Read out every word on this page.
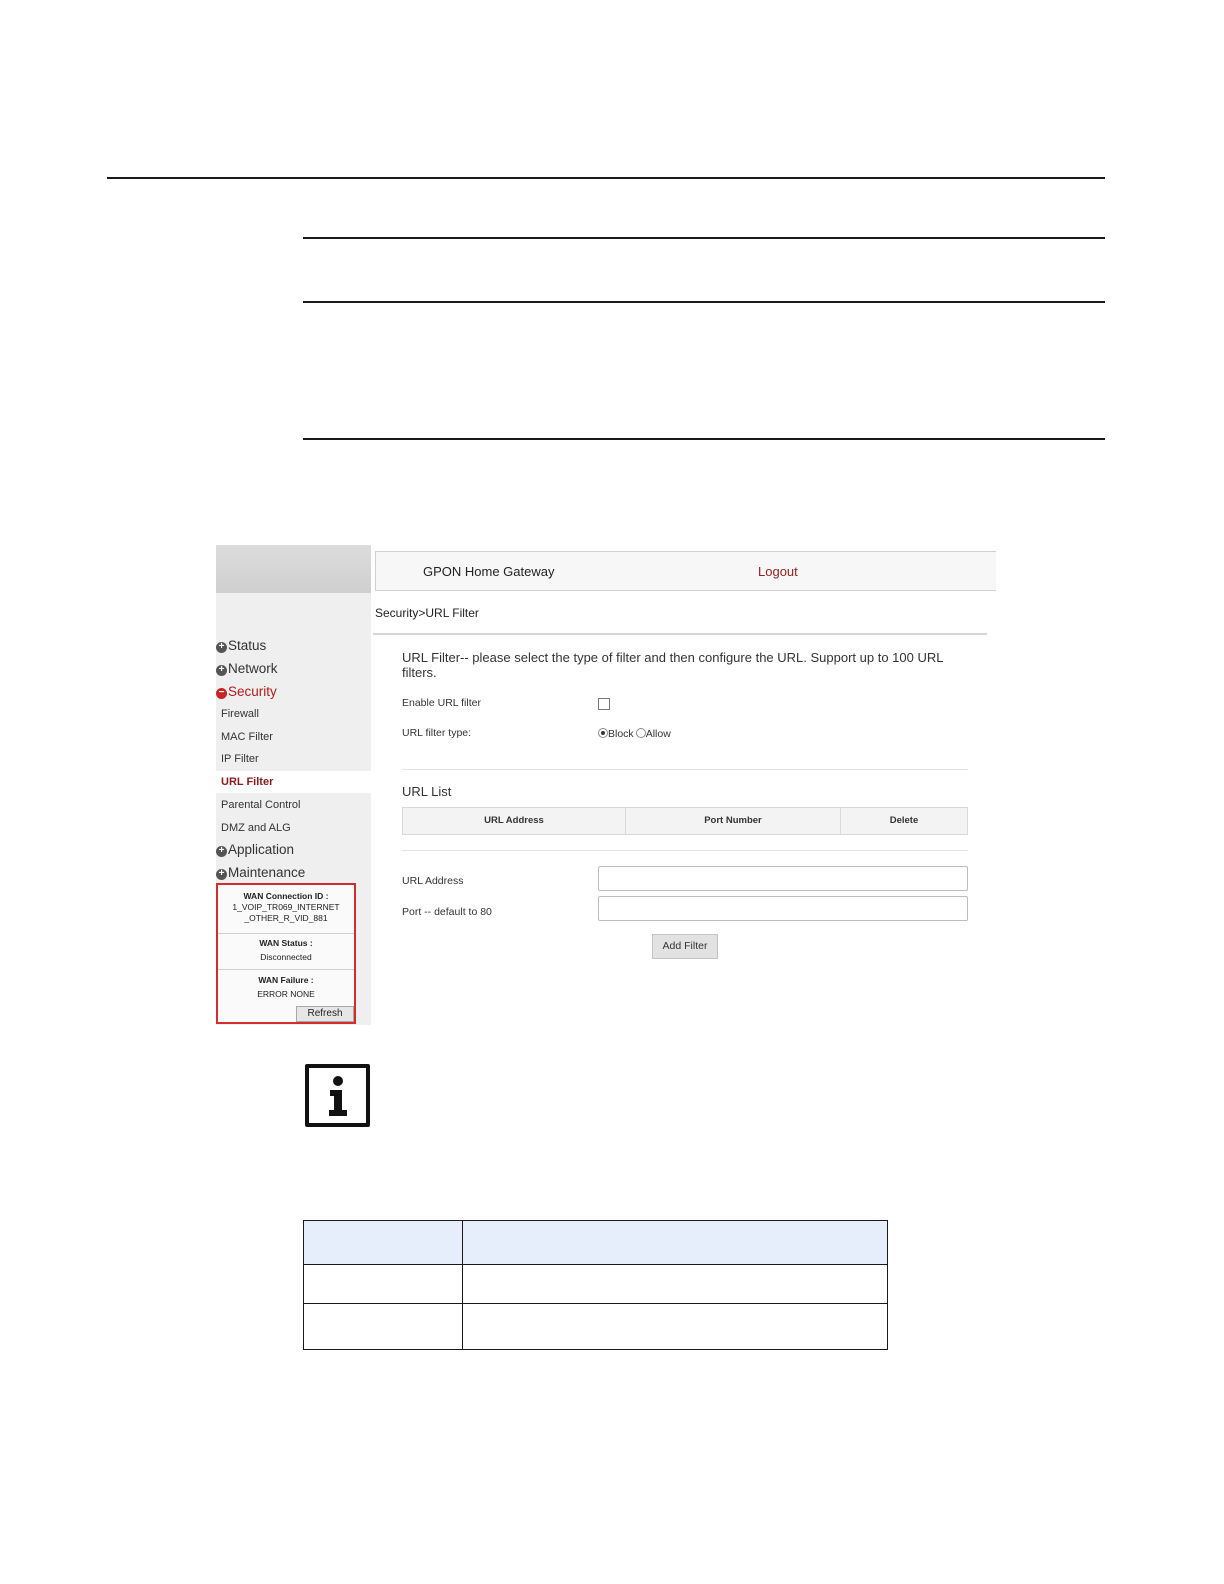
+ Status
+ Network
− Security
Firewall
MAC Filter
IP Filter
URL Filter
Parental Control
DMZ and ALG
+ Application
+ Maintenance
WAN Connection ID :
1_VOIP_TR069_INTERNET
_OTHER_R_VID_881
WAN Status :
Disconnected
WAN Failure :
ERROR NONE
Refresh
GPON Home Gateway	Logout
Security>URL Filter
URL Filter-- please select the type of filter and then configure the URL. Support up to 100 URL filters.
Enable URL filter
URL filter type:	Block Allow
URL List
URL Address	Port Number	Delete
URL Address
Port -- default to 80
Add Filter
